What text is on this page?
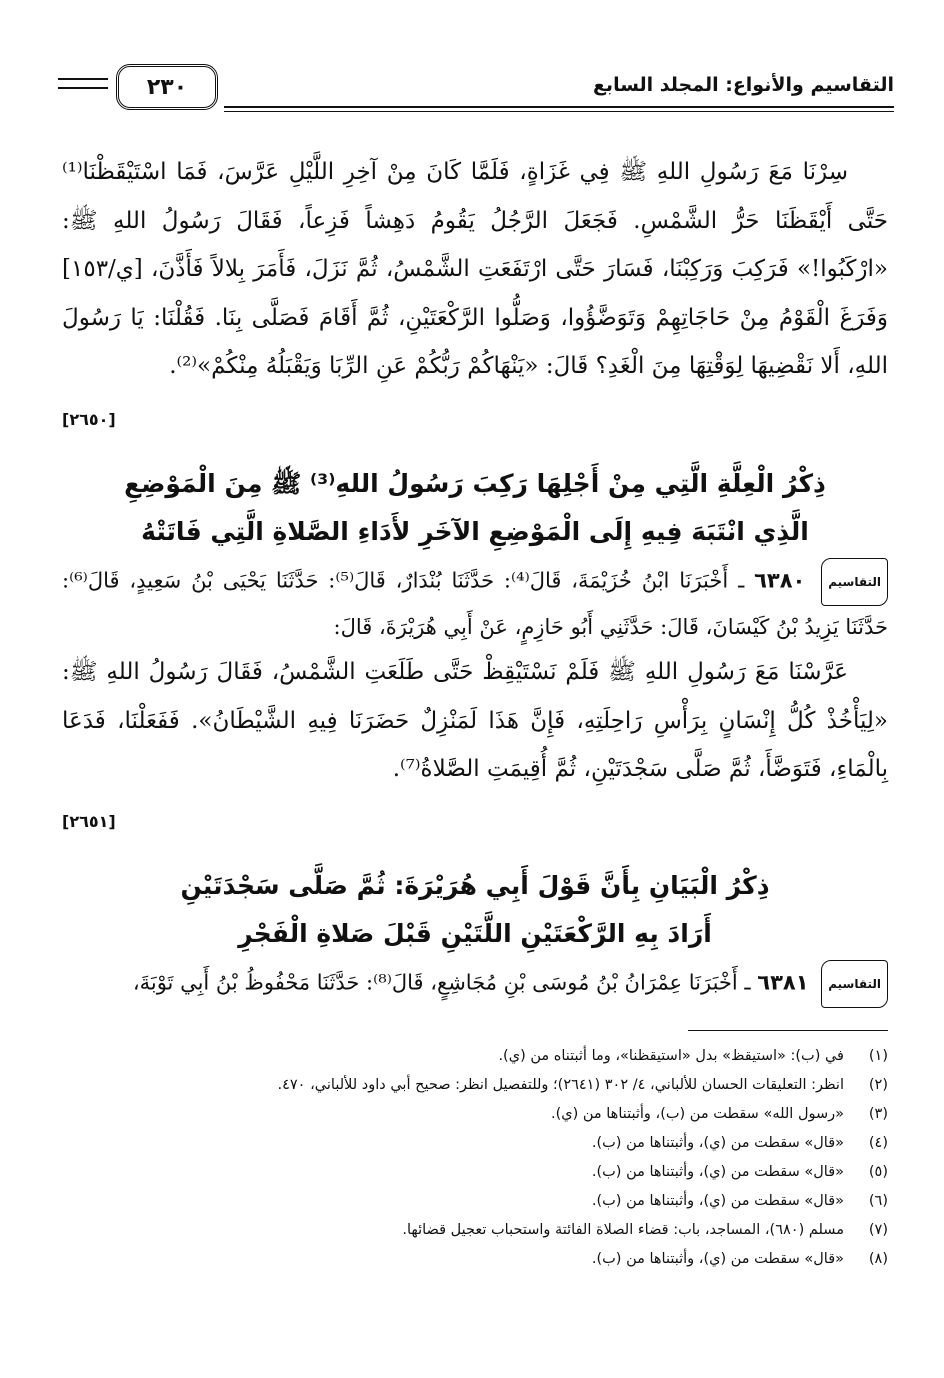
٢٣٠	التقاسيم والأنواع: المجلد السابع
سِرْنَا مَعَ رَسُولِ اللهِ ﷺ فِي غَزَاةٍ، فَلَمَّا كَانَ مِنْ آخِرِ اللَّيْلِ عَرَّسَ، فَمَا اسْتَيْقَظْنَا⁽¹⁾ حَتَّى أَيْقَظَنَا حَرُّ الشَّمْسِ. فَجَعَلَ الرَّجُلُ يَقُومُ دَهِشاً فَزِعاً، فَقَالَ رَسُولُ اللهِ ﷺ: «ارْكَبُوا!» فَرَكِبَ وَرَكِبْنَا، فَسَارَ حَتَّى ارْتَفَعَتِ الشَّمْسُ، ثُمَّ نَزَلَ، فَأَمَرَ بِلالاً فَأَذَّنَ، [ي/١٥٣] وَفَرَغَ الْقَوْمُ مِنْ حَاجَاتِهِمْ وَتَوَضَّؤُوا، وَصَلُّوا الرَّكْعَتَيْنِ، ثُمَّ أَقَامَ فَصَلَّى بِنَا. فَقُلْنَا: يَا رَسُولَ اللهِ، أَلا نَقْضِيهَا لِوَقْتِهَا مِنَ الْغَدِ؟ قَالَ: «يَنْهَاكُمْ رَبُّكُمْ عَنِ الرِّبَا وَيَقْبَلُهُ مِنْكُمْ»⁽²⁾.
[٢٦٥٠]
ذِكْرُ الْعِلَّةِ الَّتِي مِنْ أَجْلِهَا رَكِبَ رَسُولُ اللهِ⁽³⁾ ﷺ مِنَ الْمَوْضِعِ
الَّذِي انْتَبَهَ فِيهِ إِلَى الْمَوْضِعِ الآخَرِ لأَدَاءِ الصَّلاةِ الَّتِي فَاتَتْهُ
التقاسيم ٦٣٨٠ ـ أَخْبَرَنَا ابْنُ خُزَيْمَةَ، قَالَ⁽⁴⁾: حَدَّثَنَا بُنْدَارٌ، قَالَ⁽⁵⁾: حَدَّثَنَا يَحْيَى بْنُ سَعِيدٍ، قَالَ⁽⁶⁾: حَدَّثَنَا يَزِيدُ بْنُ كَيْسَانَ، قَالَ: حَدَّثَنِي أَبُو حَازِمٍ، عَنْ أَبِي هُرَيْرَةَ، قَالَ:
عَرَّسْنَا مَعَ رَسُولِ اللهِ ﷺ فَلَمْ نَسْتَيْقِظْ حَتَّى طَلَعَتِ الشَّمْسُ، فَقَالَ رَسُولُ اللهِ ﷺ: «لِيَأْخُذْ كُلُّ إِنْسَانٍ بِرَأْسِ رَاحِلَتِهِ، فَإِنَّ هَذَا لَمَنْزِلٌ حَضَرَنَا فِيهِ الشَّيْطَانُ». فَفَعَلْنَا، فَدَعَا بِالْمَاءِ، فَتَوَضَّأَ، ثُمَّ صَلَّى سَجْدَتَيْنِ، ثُمَّ أُقِيمَتِ الصَّلاةُ⁽⁷⁾.
[٢٦٥١]
ذِكْرُ الْبَيَانِ بِأَنَّ قَوْلَ أَبِي هُرَيْرَةَ: ثُمَّ صَلَّى سَجْدَتَيْنِ
أَرَادَ بِهِ الرَّكْعَتَيْنِ اللَّتَيْنِ قَبْلَ صَلاةِ الْفَجْرِ
التقاسيم ٦٣٨١ ـ أَخْبَرَنَا عِمْرَانُ بْنُ مُوسَى بْنِ مُجَاشِعٍ، قَالَ⁽⁸⁾: حَدَّثَنَا مَحْفُوظُ بْنُ أَبِي تَوْبَةَ،
(١)
في (ب): «استيقظ» بدل «استيقظنا»، وما أثبتناه من (ي).
(٢)
انظر: التعليقات الحسان للألباني، ٤/ ٣٠٢ (٢٦٤١)؛ وللتفصيل انظر: صحيح أبي داود للألباني، ٤٧٠.
(٣)
«رسول الله» سقطت من (ب)، وأثبتناها من (ي).
(٤)
«قال» سقطت من (ي)، وأثبتناها من (ب).
(٥)
«قال» سقطت من (ي)، وأثبتناها من (ب).
(٦)
«قال» سقطت من (ي)، وأثبتناها من (ب).
(٧)
مسلم (٦٨٠)، المساجد، باب: قضاء الصلاة الفائتة واستحباب تعجيل قضائها.
(٨)
«قال» سقطت من (ي)، وأثبتناها من (ب).
